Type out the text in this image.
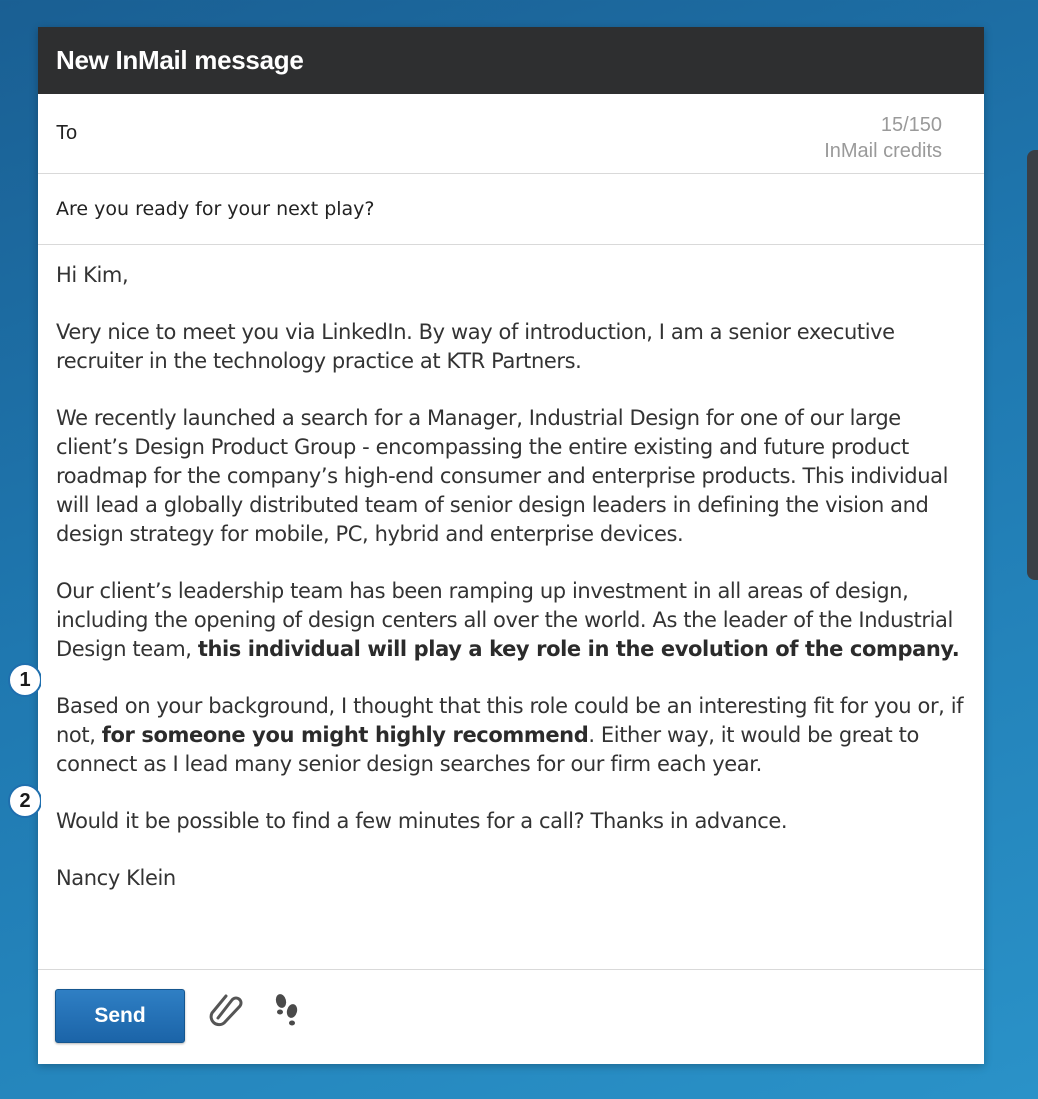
New InMail message
To	15/150
InMail credits
Are you ready for your next play?

Hi Kim,

Very nice to meet you via LinkedIn. By way of introduction, I am a senior executive recruiter in the technology practice at KTR Partners.

We recently launched a search for a Manager, Industrial Design for one of our large client’s Design Product Group - encompassing the entire existing and future product roadmap for the company’s high-end consumer and enterprise products. This individual will lead a globally distributed team of senior design leaders in defining the vision and design strategy for mobile, PC, hybrid and enterprise devices.

Our client’s leadership team has been ramping up investment in all areas of design, including the opening of design centers all over the world. As the leader of the Industrial Design team, this individual will play a key role in the evolution of the company.

Based on your background, I thought that this role could be an interesting fit for you or, if not, for someone you might highly recommend. Either way, it would be great to connect as I lead many senior design searches for our firm each year.

Would it be possible to find a few minutes for a call? Thanks in advance.

Nancy Klein

Send
1
2
